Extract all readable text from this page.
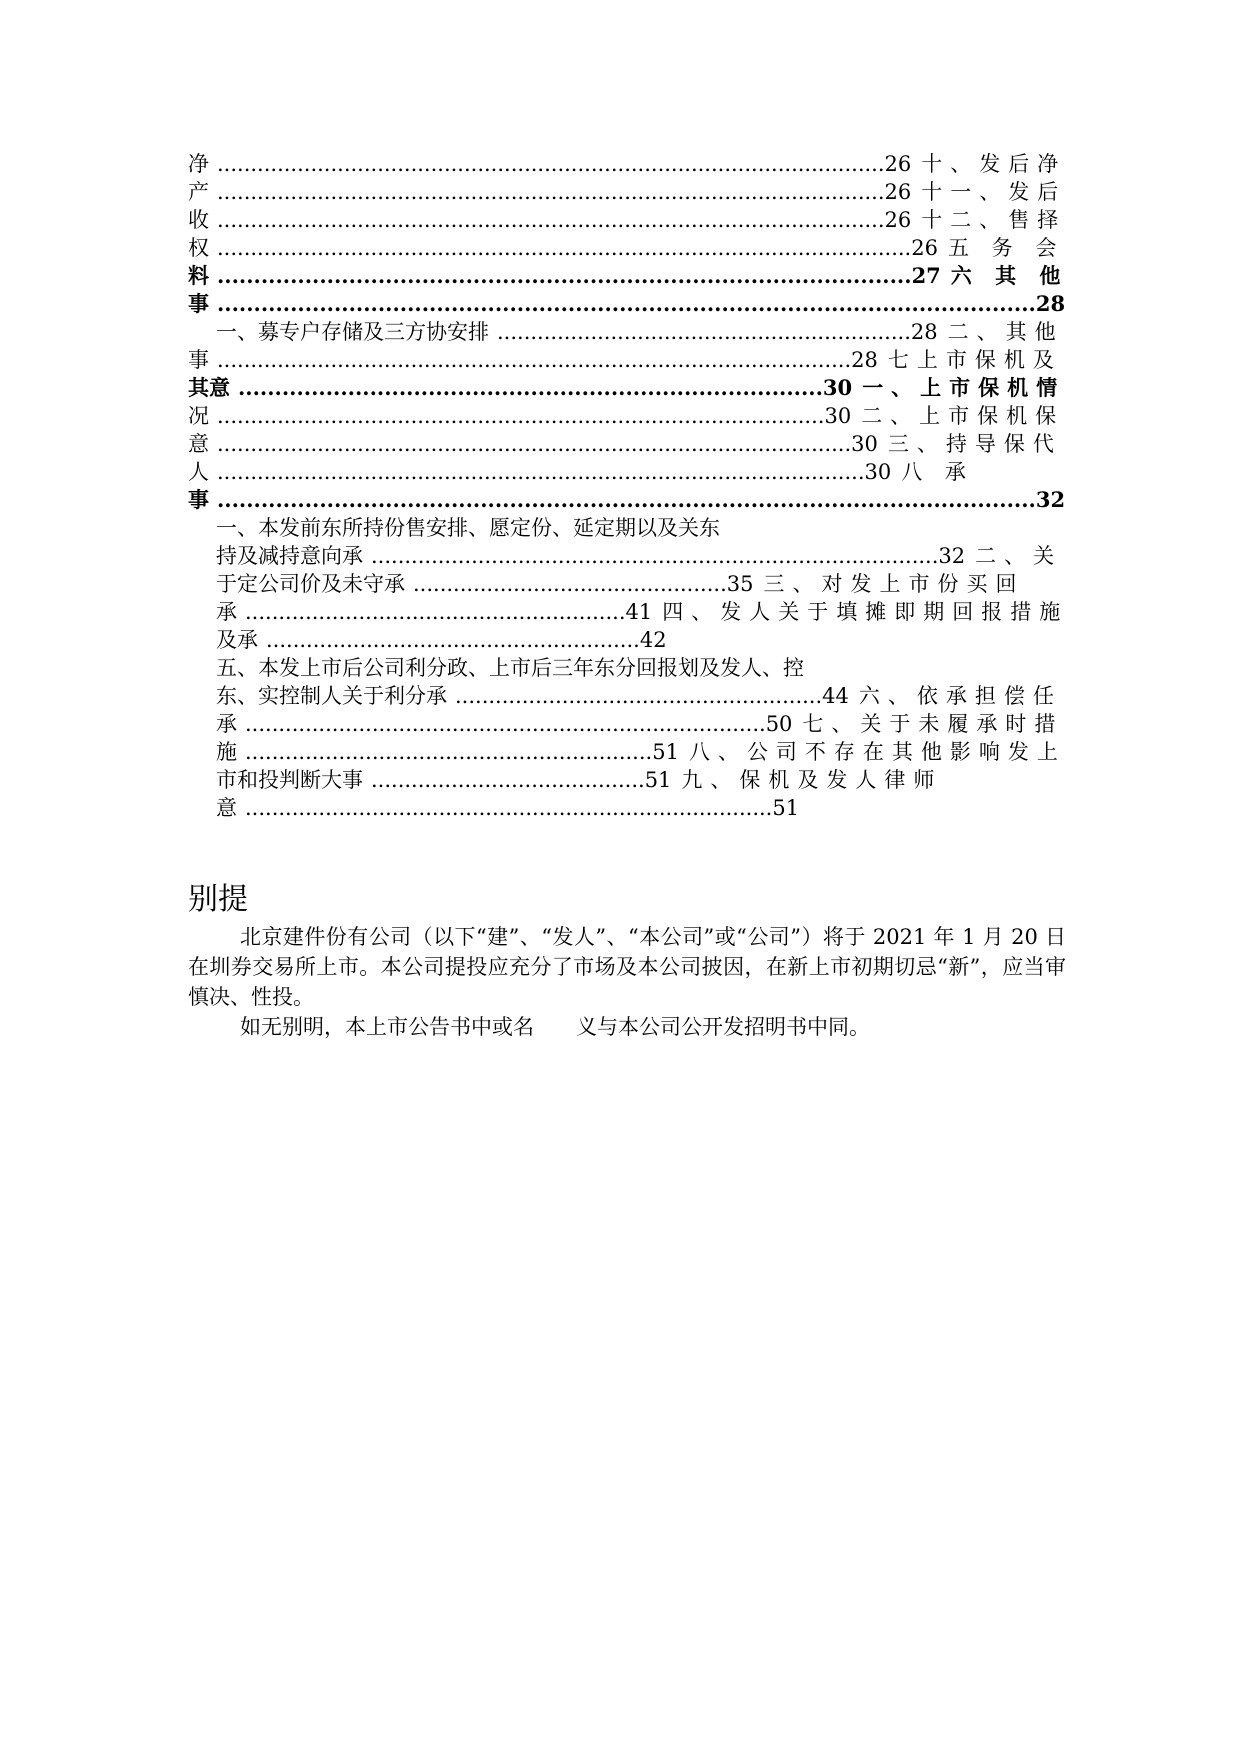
净 ....................................................................................................26 十、发后净
产 ....................................................................................................26 十一、发后
收 ....................................................................................................26 十二、售择
权 ........................................................................................................26 五 务 会
料 ...............................................................................................27 六 其 他
事 ................................................................................................................28
一、募专户存储及三方协安排 ..............................................................28 二、其他
事 ...............................................................................................28 七上市保机及
其意 ................................................................................30 一、上市保机情
况 ...........................................................................................30 二、上市保机保
意 ...............................................................................................30 三、持导保代
人 .................................................................................................30 八 承
事 ................................................................................................................32
一、本发前东所持份售安排、愿定份、延定期以及关东
持及减持意向承 .....................................................................................32 二、关
于定公司价及未守承 ...............................................35 三、对发上市份买回
承 .........................................................41 四、发人关于填摊即期回报措施
及承 ........................................................42
五、本发上市后公司利分政、上市后三年东分回报划及发人、控
东、实控制人关于利分承 .......................................................44 六、依承担偿任
承 ..............................................................................50 七、关于未履承时措
施 .............................................................51 八、公司不存在其他影响发上
市和投判断大事 .........................................51 九、保机及发人律师
意 ...............................................................................51
别提
北京建件份有公司（以下“建”、“发人”、“本公司”或“公司”）将于 2021 年 1 月 20 日在圳券交易所上市。本公司提投应充分了市场及本公司披因，在新上市初期切忌“新”，应当审慎决、性投。
如无别明，本上市公告书中或名　　义与本公司公开发招明书中同。
